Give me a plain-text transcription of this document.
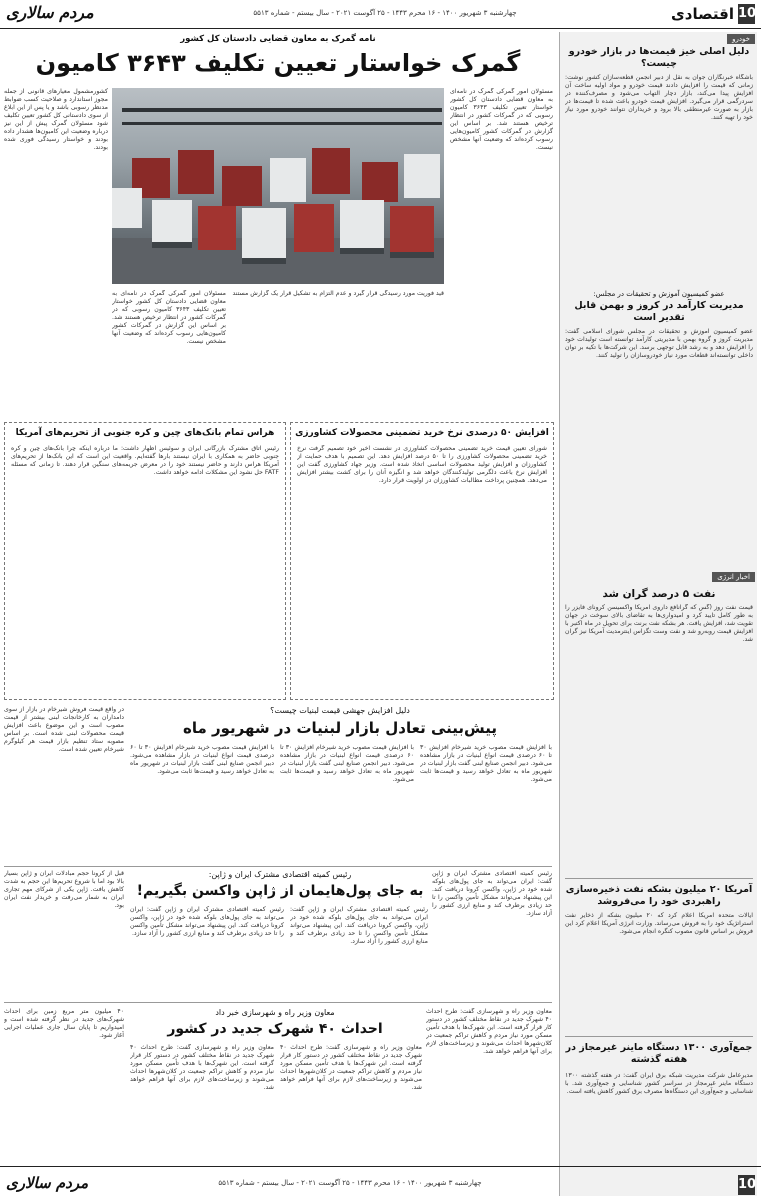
10
اقتصادی
چهارشنبه ۳ شهریور ۱۴۰۰ - ۱۶ محرم ۱۴۴۳ - ۲۵ آگوست ۲۰۲۱ - سال بیستم - شماره ۵۵۱۳
مردم سالاری
خودرو
دلیل اصلی خیز قیمت‌ها در بازار خودرو چیست؟
باشگاه خبرنگاران جوان به نقل از دبیر انجمن قطعه‌سازان کشور نوشت: زمانی که قیمت را افزایش دادند قیمت خودرو و مواد اولیه ساخت آن افزایش پیدا می‌کند، بازار دچار التهاب می‌شود و مصرف‌کننده در سردرگمی قرار می‌گیرد. افزایش قیمت خودرو باعث شده تا قیمت‌ها در بازار به صورت غیرمنطقی بالا برود و خریداران نتوانند خودرو مورد نیاز خود را تهیه کنند.
عضو کمیسیون آموزش و تحقیقات در مجلس:
مدیریت کارآمد در کروز و بهمن قابل تقدیر است
عضو کمیسیون آموزش و تحقیقات در مجلس شورای اسلامی گفت: مدیریت کروز و گروه بهمن با مدیریتی کارآمد توانسته است تولیدات خود را افزایش دهد و به رشد قابل توجهی برسد. این شرکت‌ها با تکیه بر توان داخلی توانسته‌اند قطعات مورد نیاز خودروسازان را تولید کنند.
اخبار انرژی
نفت ۵ درصد گران شد
قیمت نفت روز (گس که گرانافع داروی آمریکا واکسیسن کرونای فایزر را به طور کامل تایید کرد و امیدواری‌ها به تقاضای بالای سوخت در جهان تقویت شد، افزایش یافت. هر بشکه نفت برنت برای تحویل در ماه اکتبر با افزایش قیمت روبه‌رو شد و نفت وست تگزاس اینترمدیت آمریکا نیز گران شد.
آمریکا ۲۰ میلیون بشکه نفت ذخیره‌سازی راهبردی خود را می‌فروشد
ایالات متحده آمریکا اعلام کرد که ۲۰ میلیون بشکه از ذخایر نفت استراتژیک خود را به فروش می‌رساند. وزارت انرژی آمریکا اعلام کرد این فروش بر اساس قانون مصوب کنگره انجام می‌شود.
جمع‌آوری ۱۳۰۰ دستگاه ماینر غیرمجاز در هفته گذشته
مدیرعامل شرکت مدیریت شبکه برق ایران گفت: در هفته گذشته ۱۳۰۰ دستگاه ماینر غیرمجاز در سراسر کشور شناسایی و جمع‌آوری شد. با شناسایی و جمع‌آوری این دستگاه‌ها مصرف برق کشور کاهش یافته است.
نامه گمرک به معاون قضایی دادستان کل کشور
گمرک خواستار تعیین تکلیف ۳۶۴۳ کامیون
مسئولان امور گمرکی گمرک در نامه‌ای به معاون قضایی دادستان کل کشور خواستار تعیین تکلیف ۳۶۴۳ کامیون رسوبی که در گمرکات کشور در انتظار ترخیص هستند شد. بر اساس این گزارش در گمرکات کشور کامیون‌هایی رسوب کرده‌اند که وضعیت آنها مشخص نیست.
قید فوریت مورد رسیدگی قرار گیرد و عدم التزام به تشکیل قرار یک گزارش مستند
مسئولان امور گمرکی گمرک در نامه‌ای به معاون قضایی دادستان کل کشور خواستار تعیین تکلیف ۳۶۴۳ کامیون رسوبی که در گمرکات کشور در انتظار ترخیص هستند شد. بر اساس این گزارش در گمرکات کشور کامیون‌هایی رسوب کرده‌اند که وضعیت آنها مشخص نیست.
کشورمشمول معیارهای قانونی از جمله مجوز استاندارد و صلاحیت کسب ضوابط مدنظر رسوبی باشد و یا پس از این ابلاغ از سوی دادستانی کل کشور تعیین تکلیف شود مسئولان گمرک پیش از این نیز درباره وضعیت این کامیون‌ها هشدار داده بودند و خواستار رسیدگی فوری شده بودند.
افزایش ۵۰ درصدی نرخ خرید تضمینی محصولات کشاورزی
شورای تعیین قیمت خرید تضمینی محصولات کشاورزی در نشست اخیر خود تصمیم گرفت نرخ خرید تضمینی محصولات کشاورزی را تا ۵۰ درصد افزایش دهد. این تصمیم با هدف حمایت از کشاورزان و افزایش تولید محصولات اساسی اتخاذ شده است. وزیر جهاد کشاورزی گفت این افزایش نرخ باعث دلگرمی تولیدکنندگان خواهد شد و انگیزه آنان را برای کشت بیشتر افزایش می‌دهد. همچنین پرداخت مطالبات کشاورزان در اولویت قرار دارد.
هراس تمام بانک‌های چین و کره جنوبی از تحریم‌های آمریکا
رئیس اتاق مشترک بازرگانی ایران و سوئیس اظهار داشت: ما درباره اینکه چرا بانک‌های چین و کره جنوبی حاضر به همکاری با ایران نیستند بارها گفته‌ایم. واقعیت این است که این بانک‌ها از تحریم‌های آمریکا هراس دارند و حاضر نیستند خود را در معرض جریمه‌های سنگین قرار دهند. تا زمانی که مسئله FATF حل نشود این مشکلات ادامه خواهد داشت.
دلیل افزایش جهشی قیمت لبنیات چیست؟
پیش‌بینی تعادل بازار لبنیات در شهریور ماه
با افزایش قیمت مصوب خرید شیرخام افزایش ۳۰ تا ۶۰ درصدی قیمت انواع لبنیات در بازار مشاهده می‌شود. دبیر انجمن صنایع لبنی گفت بازار لبنیات در شهریور ماه به تعادل خواهد رسید و قیمت‌ها ثابت می‌شود.
با افزایش قیمت مصوب خرید شیرخام افزایش ۳۰ تا ۶۰ درصدی قیمت انواع لبنیات در بازار مشاهده می‌شود. دبیر انجمن صنایع لبنی گفت بازار لبنیات در شهریور ماه به تعادل خواهد رسید و قیمت‌ها ثابت می‌شود.
با افزایش قیمت مصوب خرید شیرخام افزایش ۳۰ تا ۶۰ درصدی قیمت انواع لبنیات در بازار مشاهده می‌شود. دبیر انجمن صنایع لبنی گفت بازار لبنیات در شهریور ماه به تعادل خواهد رسید و قیمت‌ها ثابت می‌شود.
در واقع قیمت فروش شیرخام در بازار از سوی دامداران به کارخانجات لبنی بیشتر از قیمت مصوب است و این موضوع باعث افزایش قیمت محصولات لبنی شده است. بر اساس مصوبه ستاد تنظیم بازار قیمت هر کیلوگرم شیرخام تعیین شده است.
رئیس کمیته اقتصادی مشترک ایران و ژاپن:
به جای پول‌هایمان از ژاپن واکسن بگیریم!
رئیس کمیته اقتصادی مشترک ایران و ژاپن گفت: ایران می‌تواند به جای پول‌های بلوکه شده خود در ژاپن، واکسن کرونا دریافت کند. این پیشنهاد می‌تواند مشکل تأمین واکسن را تا حد زیادی برطرف کند و منابع ارزی کشور را آزاد سازد.
رئیس کمیته اقتصادی مشترک ایران و ژاپن گفت: ایران می‌تواند به جای پول‌های بلوکه شده خود در ژاپن، واکسن کرونا دریافت کند. این پیشنهاد می‌تواند مشکل تأمین واکسن را تا حد زیادی برطرف کند و منابع ارزی کشور را آزاد سازد.
رئیس کمیته اقتصادی مشترک ایران و ژاپن گفت: ایران می‌تواند به جای پول‌های بلوکه شده خود در ژاپن، واکسن کرونا دریافت کند. این پیشنهاد می‌تواند مشکل تأمین واکسن را تا حد زیادی برطرف کند و منابع ارزی کشور را آزاد سازد.
قبل از کرونا حجم مبادلات ایران و ژاپن بسیار بالا بود اما با شروع تحریم‌ها این حجم به شدت کاهش یافت. ژاپن یکی از شرکای مهم تجاری ایران به شمار می‌رفت و خریدار نفت ایران بود.
معاون وزیر راه و شهرسازی خبر داد
احداث ۴۰ شهرک جدید در کشور
معاون وزیر راه و شهرسازی گفت: طرح احداث ۴۰ شهرک جدید در نقاط مختلف کشور در دستور کار قرار گرفته است. این شهرک‌ها با هدف تأمین مسکن مورد نیاز مردم و کاهش تراکم جمعیت در کلان‌شهرها احداث می‌شوند و زیرساخت‌های لازم برای آنها فراهم خواهد شد.
معاون وزیر راه و شهرسازی گفت: طرح احداث ۴۰ شهرک جدید در نقاط مختلف کشور در دستور کار قرار گرفته است. این شهرک‌ها با هدف تأمین مسکن مورد نیاز مردم و کاهش تراکم جمعیت در کلان‌شهرها احداث می‌شوند و زیرساخت‌های لازم برای آنها فراهم خواهد شد.
معاون وزیر راه و شهرسازی گفت: طرح احداث ۴۰ شهرک جدید در نقاط مختلف کشور در دستور کار قرار گرفته است. این شهرک‌ها با هدف تأمین مسکن مورد نیاز مردم و کاهش تراکم جمعیت در کلان‌شهرها احداث می‌شوند و زیرساخت‌های لازم برای آنها فراهم خواهد شد.
۴۰ میلیون متر مربع زمین برای احداث شهرک‌های جدید در نظر گرفته شده است و امیدواریم تا پایان سال جاری عملیات اجرایی آغاز شود.
چهارشنبه ۳ شهریور ۱۴۰۰ - ۱۶ محرم ۱۴۴۳ - ۲۵ آگوست ۲۰۲۱ - سال بیستم - شماره ۵۵۱۳	10
مردم سالاری
